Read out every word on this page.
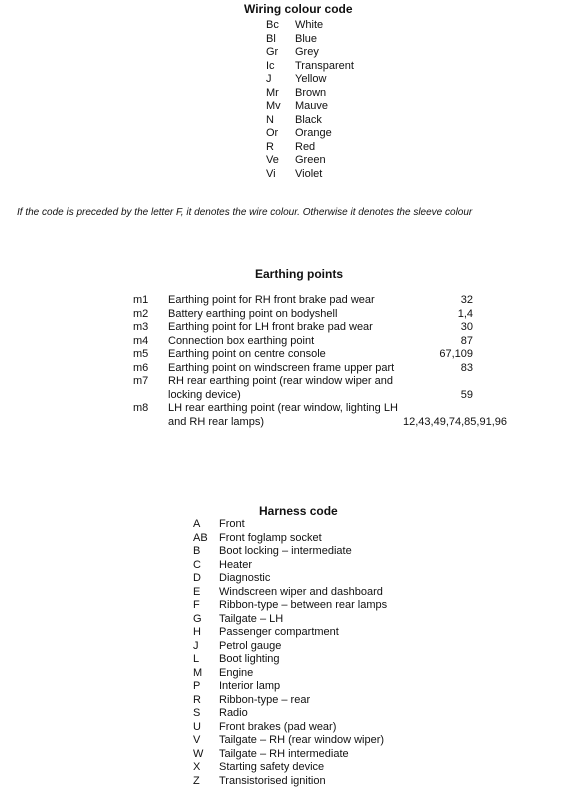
Wiring colour code
Bc	White
Bl	Blue
Gr	Grey
Ic	Transparent
J	Yellow
Mr	Brown
Mv	Mauve
N	Black
Or	Orange
R	Red
Ve	Green
Vi	Violet
If the code is preceded by the letter F, it denotes the wire colour. Otherwise it denotes the sleeve colour
Earthing points
m1	Earthing point for RH front brake pad wear	32
m2	Battery earthing point on bodyshell	1,4
m3	Earthing point for LH front brake pad wear	30
m4	Connection box earthing point	87
m5	Earthing point on centre console	67,109
m6	Earthing point on windscreen frame upper part	83
m7	RH rear earthing point (rear window wiper and locking device)	59
m8	LH rear earthing point (rear window, lighting LH and RH rear lamps)	12,43,49,74,85,91,96
Harness code
A	Front
AB	Front foglamp socket
B	Boot locking – intermediate
C	Heater
D	Diagnostic
E	Windscreen wiper and dashboard
F	Ribbon-type – between rear lamps
G	Tailgate – LH
H	Passenger compartment
J	Petrol gauge
L	Boot lighting
M	Engine
P	Interior lamp
R	Ribbon-type – rear
S	Radio
U	Front brakes (pad wear)
V	Tailgate – RH (rear window wiper)
W	Tailgate – RH intermediate
X	Starting safety device
Z	Transistorised ignition
